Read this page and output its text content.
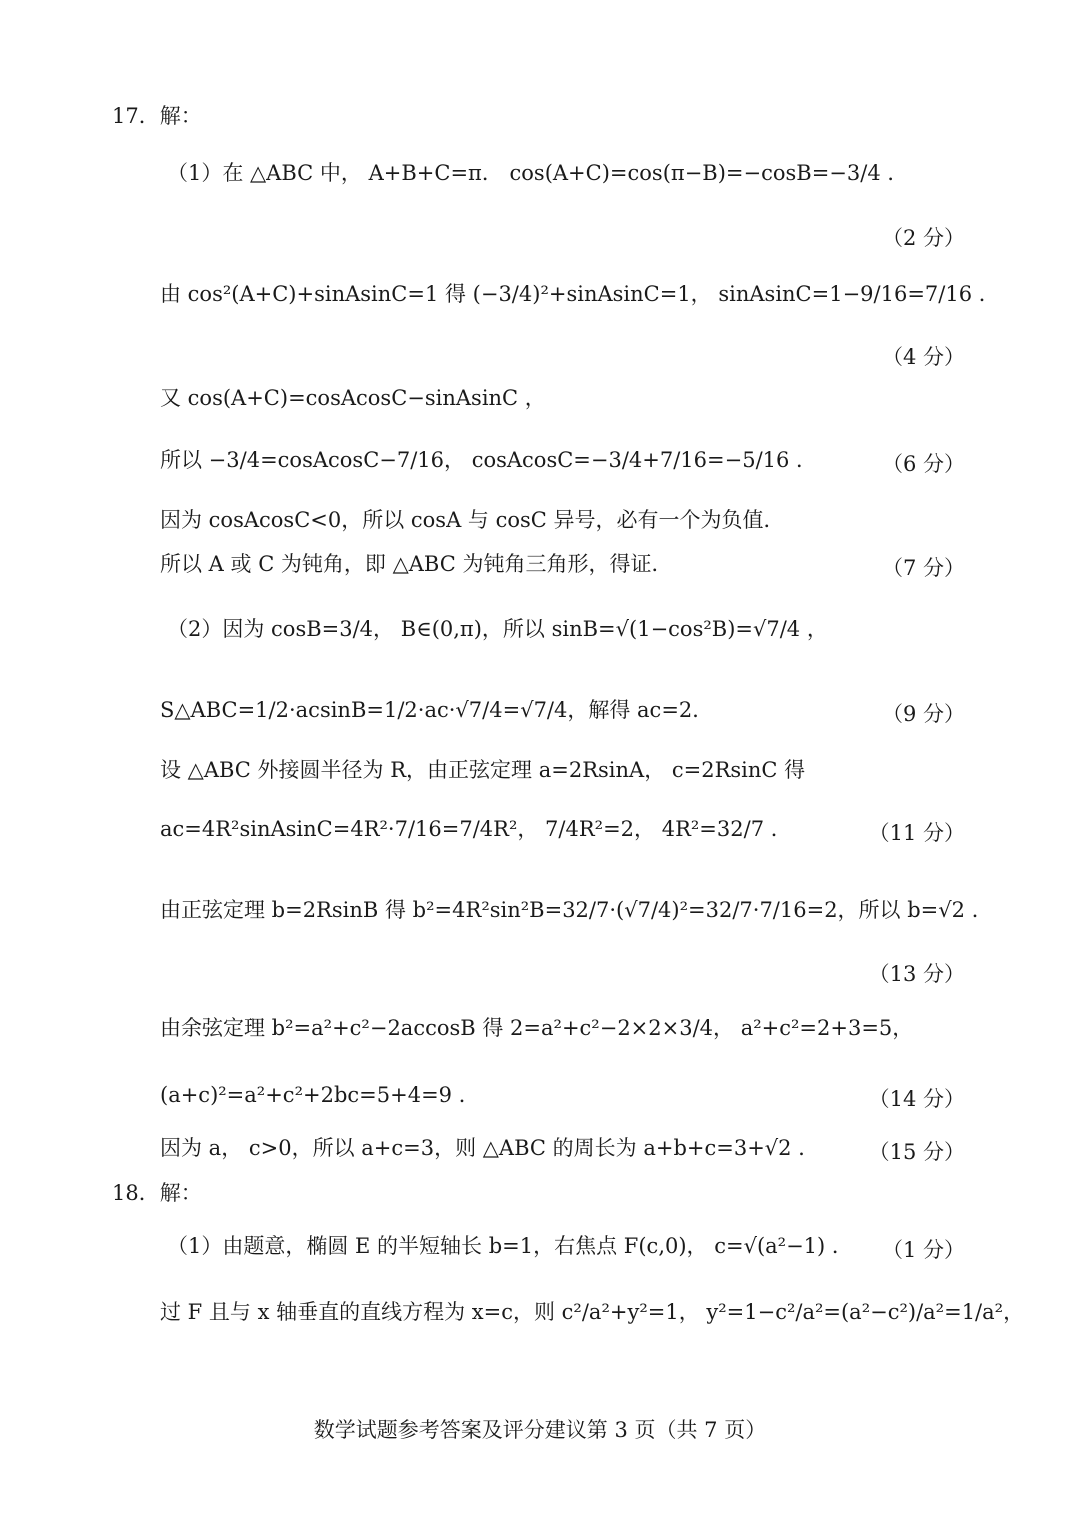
17．解：
（1）在 △ABC 中， A+B+C=π． cos(A+C)=cos(π−B)=−cosB=−3/4 ．
（2 分）
由 cos²(A+C)+sinAsinC=1 得 (−3/4)²+sinAsinC=1， sinAsinC=1−9/16=7/16 ．
（4 分）
又 cos(A+C)=cosAcosC−sinAsinC ，
所以 −3/4=cosAcosC−7/16， cosAcosC=−3/4+7/16=−5/16 ．	（6 分）
因为 cosAcosC<0，所以 cosA 与 cosC 异号，必有一个为负值．
所以 A 或 C 为钝角，即 △ABC 为钝角三角形，得证．	（7 分）
（2）因为 cosB=3/4， B∈(0,π)，所以 sinB=√(1−cos²B)=√7/4 ，
S△ABC=1/2·acsinB=1/2·ac·√7/4=√7/4，解得 ac=2．	（9 分）
设 △ABC 外接圆半径为 R，由正弦定理 a=2RsinA， c=2RsinC 得
ac=4R²sinAsinC=4R²·7/16=7/4R²， 7/4R²=2， 4R²=32/7 ．	（11 分）
由正弦定理 b=2RsinB 得 b²=4R²sin²B=32/7·(√7/4)²=32/7·7/16=2，所以 b=√2 ．
（13 分）
由余弦定理 b²=a²+c²−2accosB 得 2=a²+c²−2×2×3/4， a²+c²=2+3=5，
(a+c)²=a²+c²+2bc=5+4=9 ．	（14 分）
因为 a， c>0，所以 a+c=3，则 △ABC 的周长为 a+b+c=3+√2 ． （15 分）
18．解：
（1）由题意，椭圆 E 的半短轴长 b=1，右焦点 F(c,0)， c=√(a²−1) ． （1 分）
过 F 且与 x 轴垂直的直线方程为 x=c，则 c²/a²+y²=1， y²=1−c²/a²=(a²−c²)/a²=1/a²，
数学试题参考答案及评分建议第 3 页（共 7 页）
